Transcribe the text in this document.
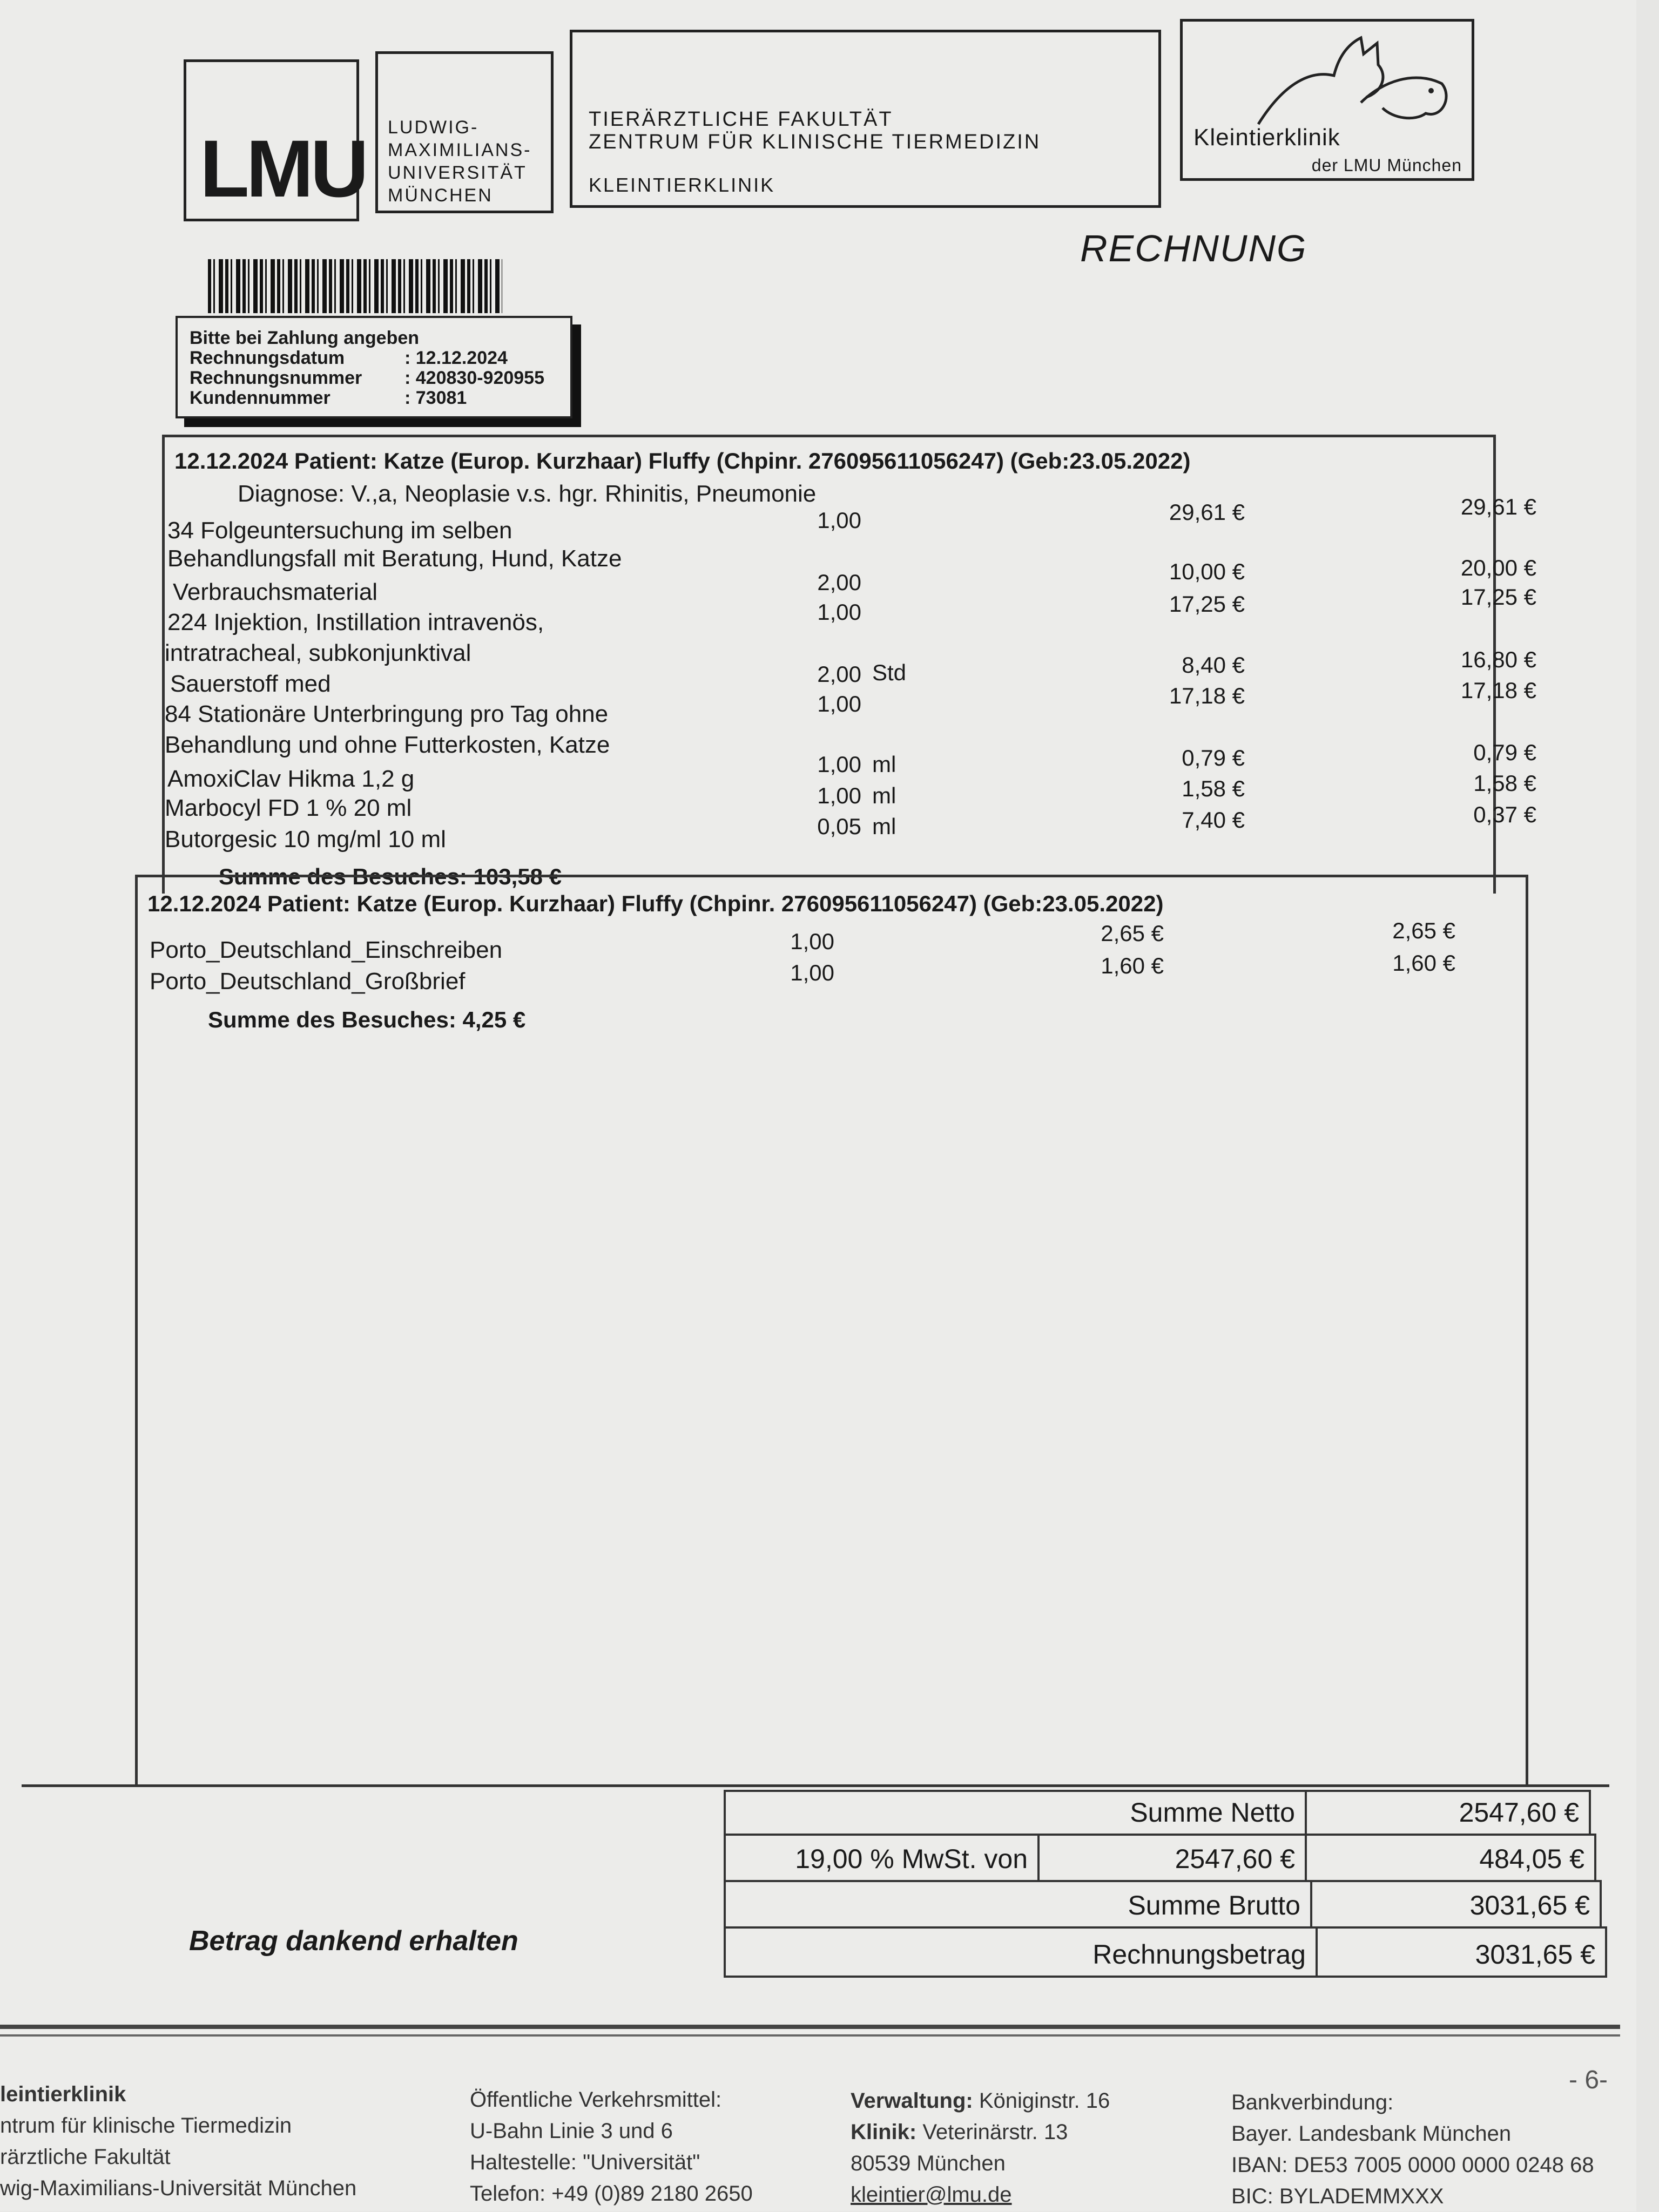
LMU LUDWIG-
MAXIMILIANS-
UNIVERSITÄT
MÜNCHEN
TIERÄRZTLICHE FAKULTÄT
ZENTRUM FÜR KLINISCHE TIERMEDIZIN
KLEINTIERKLINIK
Kleintierklinik
der LMU München
RECHNUNG
Bitte bei Zahlung angeben
Rechnungsdatum	: 12.12.2024
Rechnungsnummer : 420830-920955
Kundennummer	: 73081
12.12.2024 Patient: Katze (Europ. Kurzhaar) Fluffy (Chpinr. 276095611056247) (Geb:23.05.2022)
Diagnose: V.,a, Neoplasie v.s. hgr. Rhinitis, Pneumonie
34 Folgeuntersuchung im selben
Behandlungsfall mit Beratung, Hund, Katze
1,00	29,61 €	29,61 €
Verbrauchsmaterial	2,00	10,00 €	20,00 €
224 Injektion, Instillation intravenös,
intratracheal, subkonjunktival
1,00	17,25 €	17,25 €
Sauerstoff med	2,00 Std	8,40 €	16,80 €
84 Stationäre Unterbringung pro Tag ohne
Behandlung und ohne Futterkosten, Katze
1,00	17,18 €	17,18 €
AmoxiClav Hikma 1,2 g
1,00 ml	0,79 €	0,79 €
Marbocyl FD 1 % 20 ml	1,00 ml	1,58 €	1,58 €
Butorgesic 10 mg/ml 10 ml	0,05 ml	7,40 €	0,37 €
Summe des Besuches: 103,58 €
12.12.2024 Patient: Katze (Europ. Kurzhaar) Fluffy (Chpinr. 276095611056247) (Geb:23.05.2022)
Porto_Deutschland_Einschreiben	1,00	2,65 €	2,65 €
Porto_Deutschland_Großbrief	1,00	1,60 €	1,60 €
Summe des Besuches: 4,25 €
Summe Netto	2547,60 €
19,00 % MwSt. von	2547,60 €	484,05 €
Summe Brutto	3031,65 €
Rechnungsbetrag	3031,65 €
Betrag dankend erhalten
- 6-
leintierklinik
ntrum für klinische Tiermedizin
rärztliche Fakultät
wig-Maximilians-Universität München
Öffentliche Verkehrsmittel:
U-Bahn Linie 3 und 6
Haltestelle: "Universität"
Telefon: +49 (0)89 2180 2650
Verwaltung: Königinstr. 16
Klinik: Veterinärstr. 13
80539 München
kleintier@lmu.de
Bankverbindung:
Bayer. Landesbank München
IBAN: DE53 7005 0000 0000 0248 68
BIC: BYLADEMMXXX
